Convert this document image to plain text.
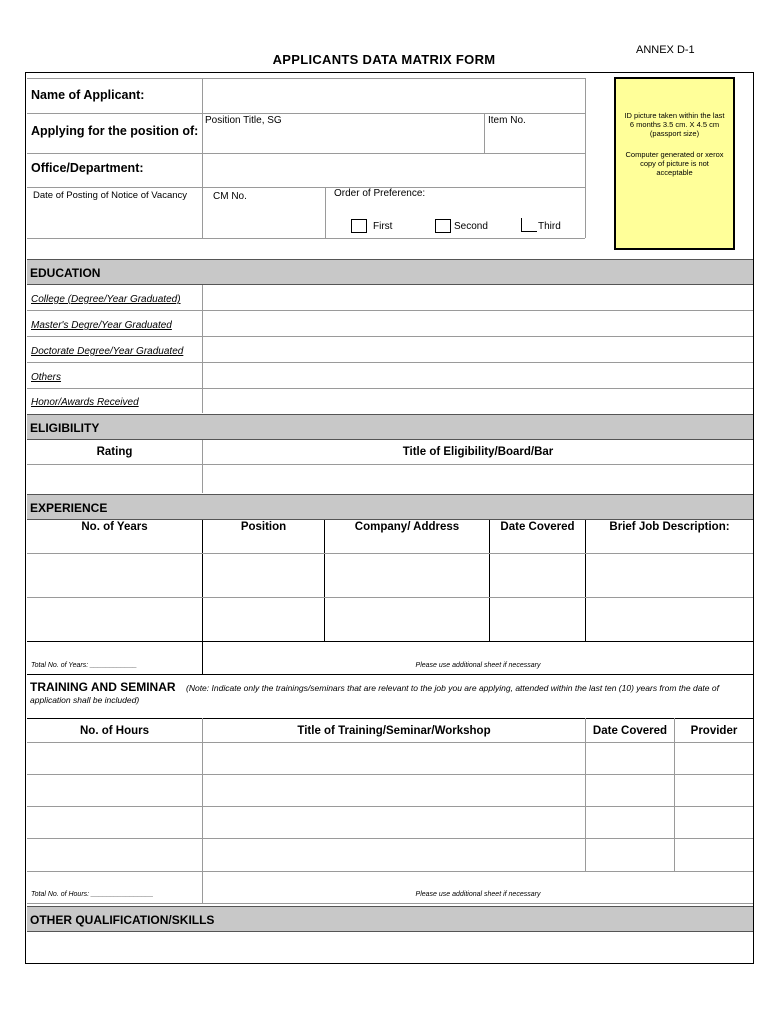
APPLICANTS DATA MATRIX FORM
ANNEX D-1
Name of Applicant:
Applying for the position of:
Position Title, SG	Item No.
Office/Department:
Date of Posting of Notice of Vacancy	CM No.	Order of Preference:
First	Second	Third
ID picture taken within the last 6 months 3.5 cm. X 4.5 cm (passport size)
Computer generated or xerox copy of picture is not acceptable
EDUCATION
College (Degree/Year Graduated)
Master's Degre/Year Graduated
Doctorate Degree/Year Graduated
Others
Honor/Awards Received
ELIGIBILITY
Rating	Title of Eligibility/Board/Bar
EXPERIENCE
No. of Years	Position	Company/ Address	Date Covered	Brief Job Description:
Total No. of Years: ____________	Please use additional sheet if necessary
TRAINING AND SEMINAR	(Note: Indicate only the trainings/seminars that are relevant to the job you are applying, attended within the last ten (10) years from the date of application shall be included)
No. of Hours	Title of Training/Seminar/Workshop	Date Covered	Provider
Total No. of Hours: ________________	Please use additional sheet if necessary
OTHER QUALIFICATION/SKILLS
